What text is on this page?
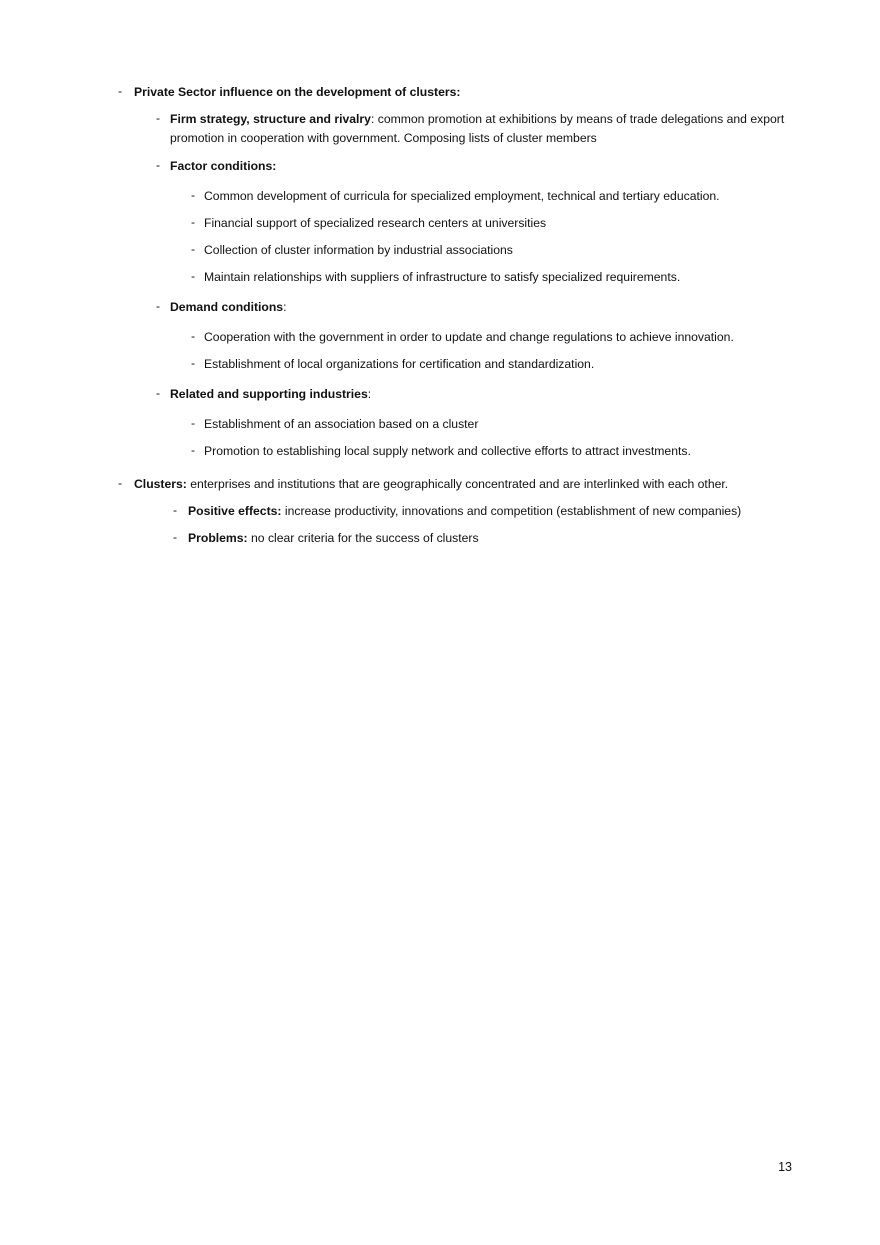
- Private Sector influence on the development of clusters:
- Firm strategy, structure and rivalry: common promotion at exhibitions by means of trade delegations and export promotion in cooperation with government. Composing lists of cluster members
- Factor conditions:
- Common development of curricula for specialized employment, technical and tertiary education.
- Financial support of specialized research centers at universities
- Collection of cluster information by industrial associations
- Maintain relationships with suppliers of infrastructure to satisfy specialized requirements.
- Demand conditions:
- Cooperation with the government in order to update and change regulations to achieve innovation.
- Establishment of local organizations for certification and standardization.
- Related and supporting industries:
- Establishment of an association based on a cluster
- Promotion to establishing local supply network and collective efforts to attract investments.
- Clusters: enterprises and institutions that are geographically concentrated and are interlinked with each other.
- Positive effects: increase productivity, innovations and competition (establishment of new companies)
- Problems: no clear criteria for the success of clusters
13
